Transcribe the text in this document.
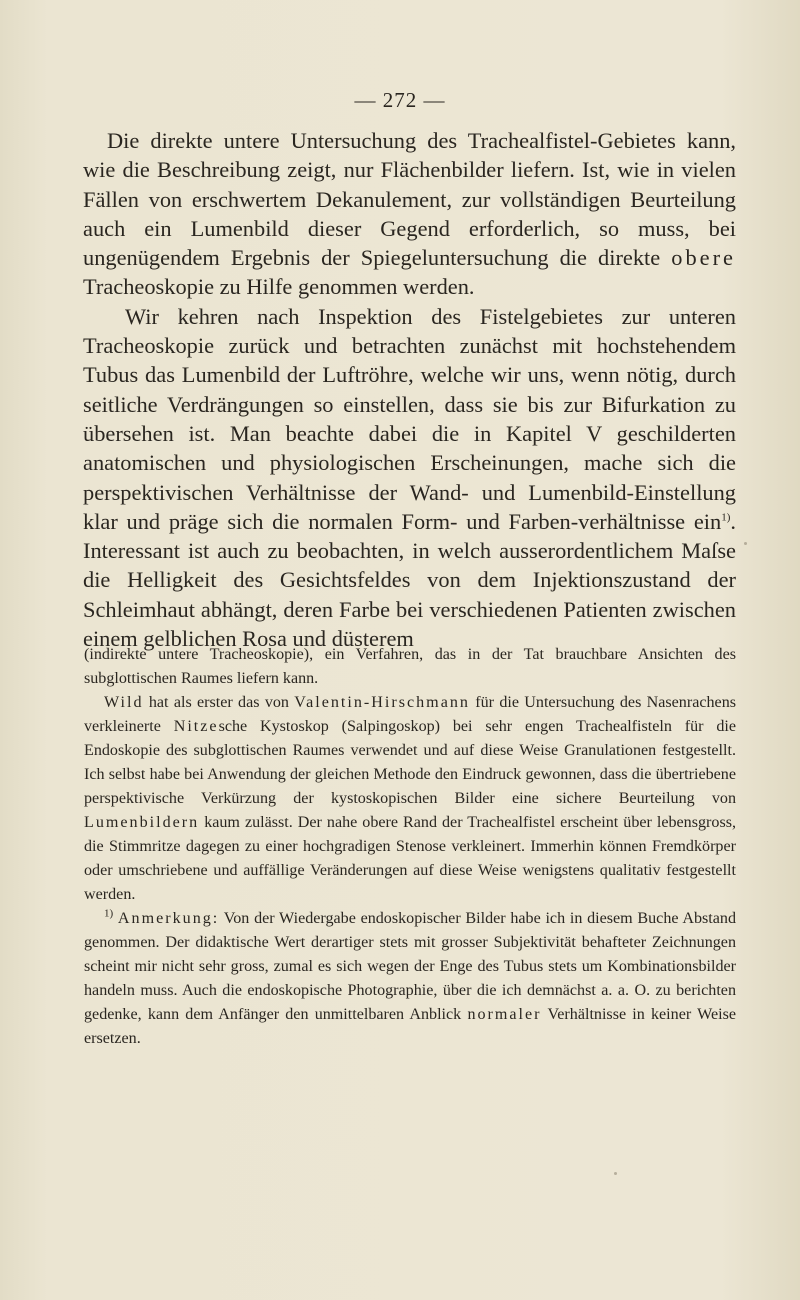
— 272 —

Die direkte untere Untersuchung des Trachealfistel-Gebietes kann, wie die Beschreibung zeigt, nur Flächenbilder liefern. Ist, wie in vielen Fällen von erschwertem Dekanulement, zur vollständigen Beurteilung auch ein Lumenbild dieser Gegend erforderlich, so muss, bei ungenügendem Ergebnis der Spiegeluntersuchung die direkte obere Tracheoskopie zu Hilfe genommen werden.

Wir kehren nach Inspektion des Fistelgebietes zur unteren Tracheoskopie zurück und betrachten zunächst mit hochstehendem Tubus das Lumenbild der Luftröhre, welche wir uns, wenn nötig, durch seitliche Verdrängungen so einstellen, dass sie bis zur Bifurkation zu übersehen ist. Man beachte dabei die in Kapitel V geschilderten anatomischen und physiologischen Erscheinungen, mache sich die perspektivischen Verhältnisse der Wand- und Lumenbild-Einstellung klar und präge sich die normalen Form- und Farben-verhältnisse ein$^{1)}$. Interessant ist auch zu beobachten, in welch ausserordentlichem Maſse die Helligkeit des Gesichtsfeldes von dem Injektionszustand der Schleimhaut abhängt, deren Farbe bei verschiedenen Patienten zwischen einem gelblichen Rosa und düsterem

(indirekte untere Tracheoskopie), ein Verfahren, das in der Tat brauchbare Ansichten des subglottischen Raumes liefern kann.

Wild hat als erster das von Valentin-Hirschmann für die Untersuchung des Nasenrachens verkleinerte Nitzesche Kystoskop (Salpingoskop) bei sehr engen Trachealfisteln für die Endoskopie des subglottischen Raumes verwendet und auf diese Weise Granulationen festgestellt. Ich selbst habe bei Anwendung der gleichen Methode den Eindruck gewonnen, dass die übertriebene perspektivische Verkürzung der kystoskopischen Bilder eine sichere Beurteilung von Lumenbildern kaum zulässt. Der nahe obere Rand der Trachealfistel erscheint über lebensgross, die Stimmritze dagegen zu einer hochgradigen Stenose verkleinert. Immerhin können Fremdkörper oder umschriebene und auffällige Veränderungen auf diese Weise wenigstens qualitativ festgestellt werden.

$^{1)}$ Anmerkung: Von der Wiedergabe endoskopischer Bilder habe ich in diesem Buche Abstand genommen. Der didaktische Wert derartiger stets mit grosser Subjektivität behafteter Zeichnungen scheint mir nicht sehr gross, zumal es sich wegen der Enge des Tubus stets um Kombinationsbilder handeln muss. Auch die endoskopische Photographie, über die ich demnächst a. a. O. zu berichten gedenke, kann dem Anfänger den unmittelbaren Anblick normaler Verhältnisse in keiner Weise ersetzen.
